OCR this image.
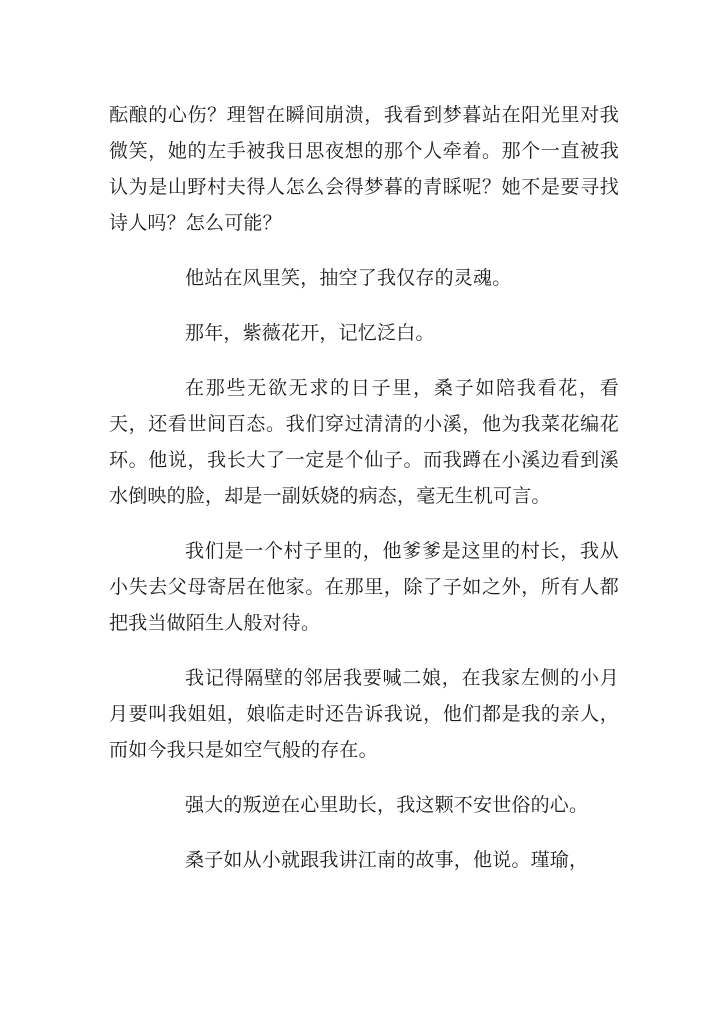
酝酿的心伤？理智在瞬间崩溃，我看到梦暮站在阳光里对我微笑，她的左手被我日思夜想的那个人牵着。那个一直被我认为是山野村夫得人怎么会得梦暮的青睬呢？她不是要寻找诗人吗？怎么可能？

他站在风里笑，抽空了我仅存的灵魂。

那年，紫薇花开，记忆泛白。

在那些无欲无求的日子里，桑子如陪我看花，看天，还看世间百态。我们穿过清清的小溪，他为我菜花编花环。他说，我长大了一定是个仙子。而我蹲在小溪边看到溪水倒映的脸，却是一副妖娆的病态，毫无生机可言。

我们是一个村子里的，他爹爹是这里的村长，我从小失去父母寄居在他家。在那里，除了子如之外，所有人都把我当做陌生人般对待。

我记得隔壁的邻居我要喊二娘，在我家左侧的小月月要叫我姐姐，娘临走时还告诉我说，他们都是我的亲人，而如今我只是如空气般的存在。

强大的叛逆在心里助长，我这颗不安世俗的心。

桑子如从小就跟我讲江南的故事，他说。瑾瑜，
